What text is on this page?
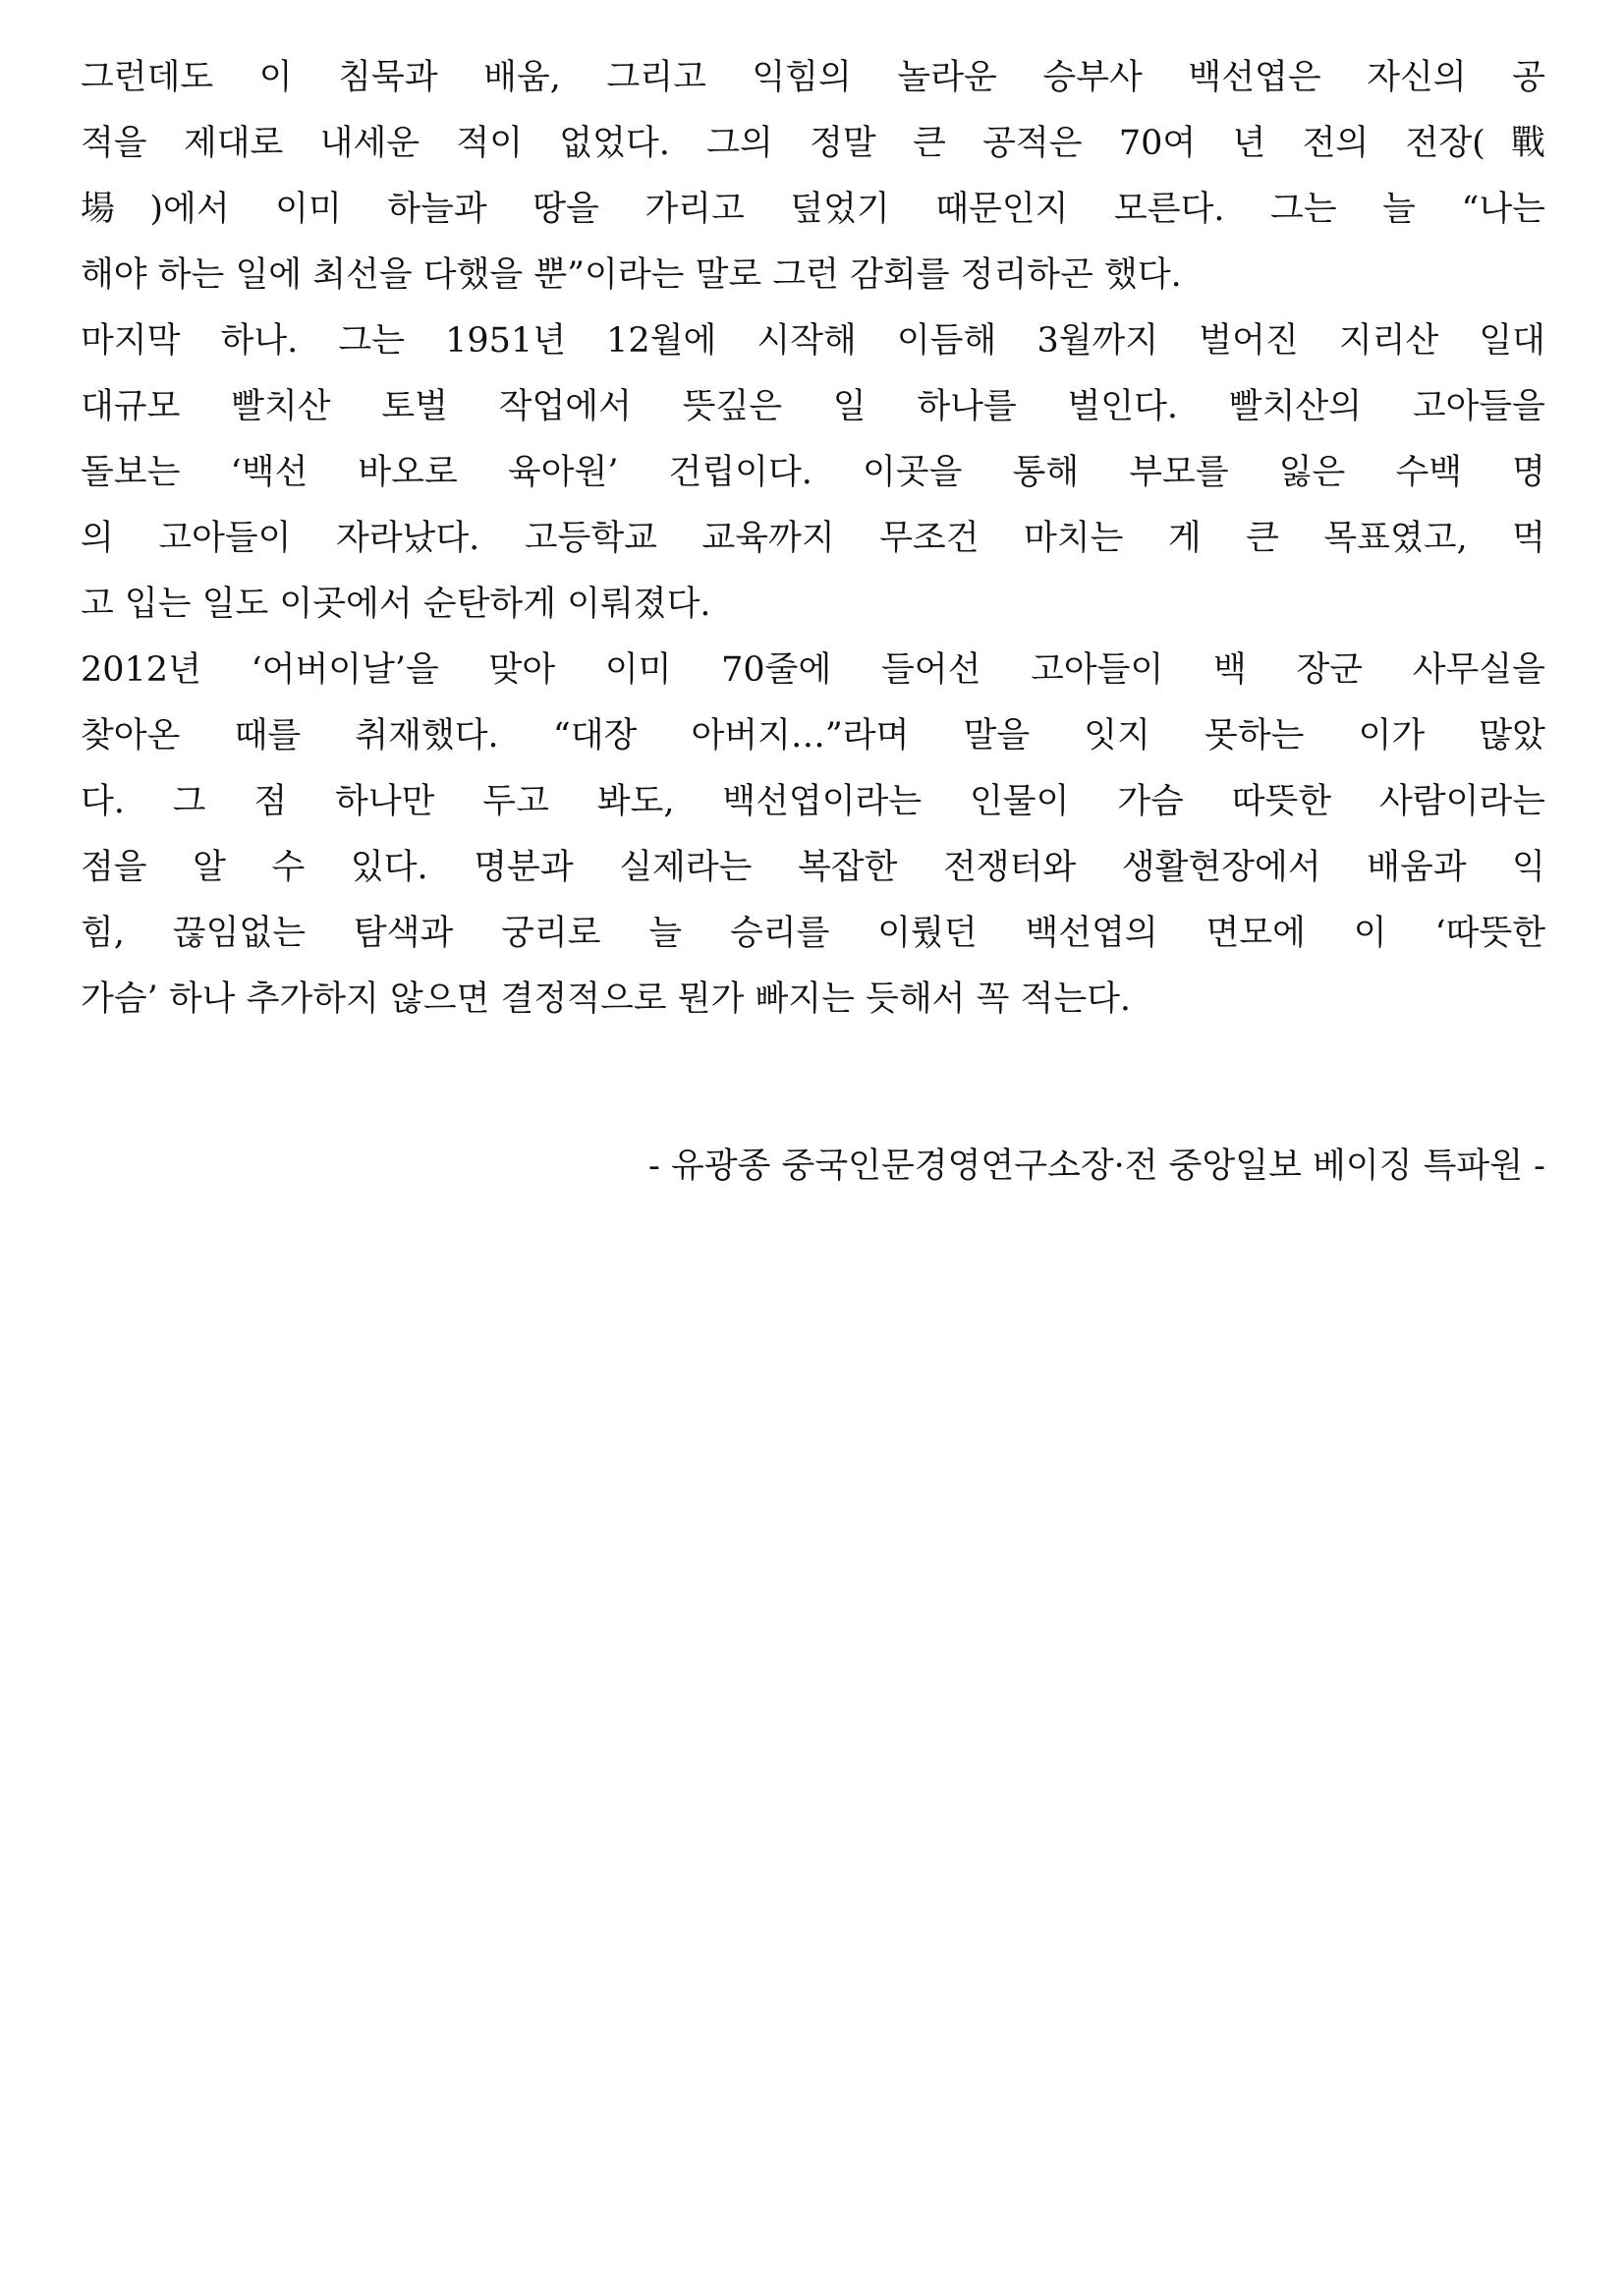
그런데도 이 침묵과 배움, 그리고 익힘의 놀라운 승부사 백선엽은 자신의 공
적을 제대로 내세운 적이 없었다. 그의 정말 큰 공적은 70여 년 전의 전장(戰
場)에서 이미 하늘과 땅을 가리고 덮었기 때문인지 모른다. 그는 늘 “나는
해야 하는 일에 최선을 다했을 뿐”이라는 말로 그런 감회를 정리하곤 했다.
마지막 하나. 그는 1951년 12월에 시작해 이듬해 3월까지 벌어진 지리산 일대
대규모 빨치산 토벌 작업에서 뜻깊은 일 하나를 벌인다. 빨치산의 고아들을
돌보는 ‘백선 바오로 육아원’ 건립이다. 이곳을 통해 부모를 잃은 수백 명
의 고아들이 자라났다. 고등학교 교육까지 무조건 마치는 게 큰 목표였고, 먹
고 입는 일도 이곳에서 순탄하게 이뤄졌다.
2012년 ‘어버이날’을 맞아 이미 70줄에 들어선 고아들이 백 장군 사무실을
찾아온 때를 취재했다. “대장 아버지…”라며 말을 잇지 못하는 이가 많았
다. 그 점 하나만 두고 봐도, 백선엽이라는 인물이 가슴 따뜻한 사람이라는
점을 알 수 있다. 명분과 실제라는 복잡한 전쟁터와 생활현장에서 배움과 익
힘, 끊임없는 탐색과 궁리로 늘 승리를 이뤘던 백선엽의 면모에 이 ‘따뜻한
가슴’ 하나 추가하지 않으면 결정적으로 뭔가 빠지는 듯해서 꼭 적는다.
- 유광종 중국인문경영연구소장·전 중앙일보 베이징 특파원 -
